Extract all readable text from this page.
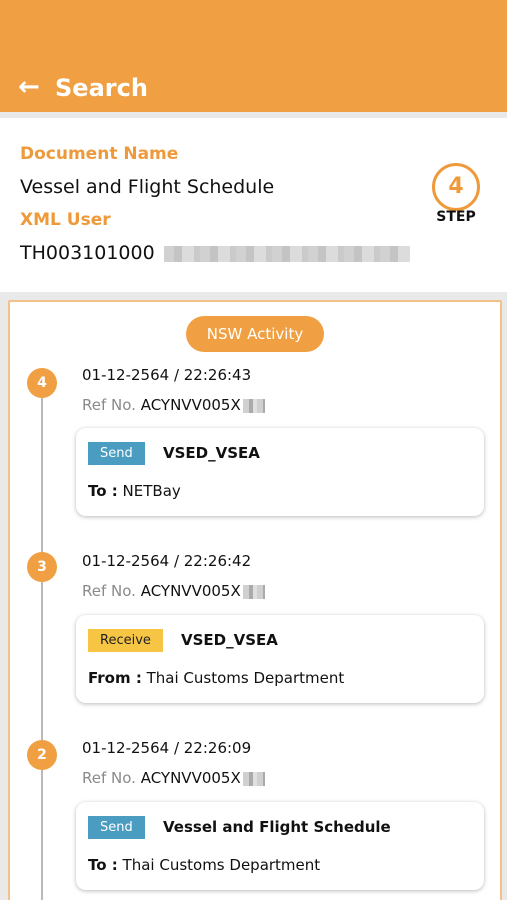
← Search
Document Name
Vessel and Flight Schedule
XML User
TH003101000
4
STEP
NSW Activity
4	01-12-2564 / 22:26:43
Ref No. ACYNVV005X
Send	VSED_VSEA
To : NETBay
3	01-12-2564 / 22:26:42
Ref No. ACYNVV005X
Receive	VSED_VSEA
From : Thai Customs Department
2	01-12-2564 / 22:26:09
Ref No. ACYNVV005X
Send	Vessel and Flight Schedule
To : Thai Customs Department
